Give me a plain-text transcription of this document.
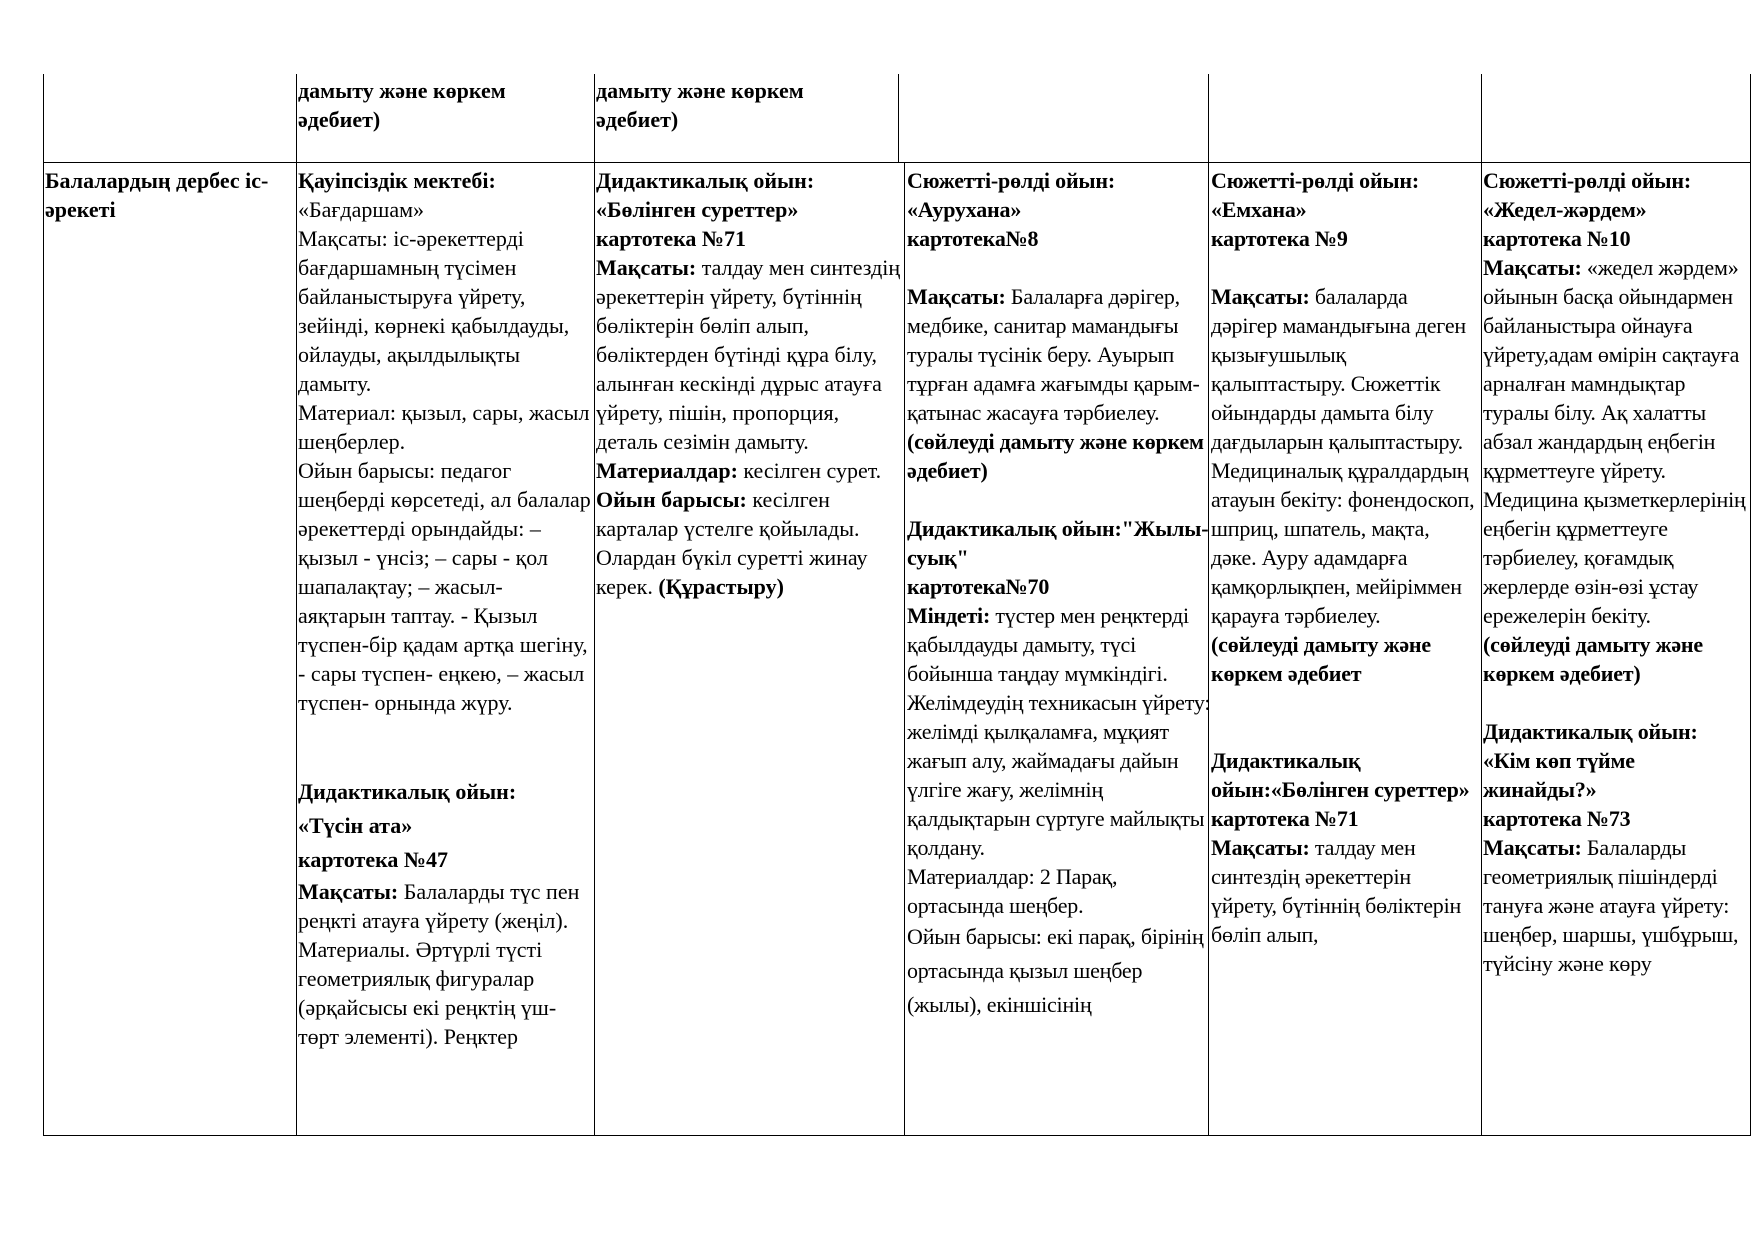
дамыту және көркем әдебиет)

дамыту және көркем әдебиет)

Балалардың дербес іс-әрекеті

Қауіпсіздік мектебі:

«Бағдаршам»

Мақсаты: іс-әрекеттерді бағдаршамның түсімен байланыстыруға үйрету, зейінді, көрнекі қабылдауды, ойлауды, ақылдылықты дамыту.

Материал: қызыл, сары, жасыл шеңберлер.

Ойын барысы: педагог шеңберді көрсетеді, ал балалар әрекеттерді орындайды: – қызыл - үнсіз; – сары - қол шапалақтау; – жасыл- аяқтарын таптау. - Қызыл түспен-бір қадам артқа шегіну, - сары түспен- еңкею, – жасыл түспен- орнында жүру.

Дидактикалық ойын:

«Түсін ата»

картотека №47

Мақсаты: Балаларды түс пен реңкті атауға үйрету (жеңіл).

Материалы. Әртүрлі түсті геометриялық фигуралар (әрқайсысы екі реңктің үш-төрт элементі). Реңктер

Дидактикалық ойын:

«Бөлінген суреттер»

картотека №71

Мақсаты: талдау мен синтездің әрекеттерін үйрету, бүтіннің бөліктерін бөліп алып, бөліктерден бүтінді құра білу, алынған кескінді дұрыс атауға үйрету, пішін, пропорция, деталь сезімін дамыту.

Материалдар: кесілген сурет.

Ойын барысы: кесілген карталар үстелге қойылады. Олардан бүкіл суретті жинау керек. (Құрастыру)

Сюжетті-рөлді ойын:

«Аурухана»

картотека№8

Мақсаты: Балаларға дәрігер, медбике, санитар мамандығы туралы түсінік беру. Ауырып тұрған адамға жағымды қарым-қатынас жасауға тәрбиелеу.

(сөйлеуді дамыту және көркем әдебиет)

Дидактикалық ойын:"Жылы-суық"

картотека№70

Міндеті: түстер мен реңктерді қабылдауды дамыту, түсі бойынша таңдау мүмкіндігі. Желімдеудің техникасын үйрету: желімді қылқаламға, мұқият жағып алу, жаймадағы дайын үлгіге жағу, желімнің қалдықтарын сүртуге майлықты қолдану.

Материалдар: 2 Парақ, ортасында шеңбер.

Ойын барысы: екі парақ, бірінің ортасында қызыл шеңбер (жылы), екіншісінің

Сюжетті-рөлді ойын:

«Емхана»

картотека №9

Мақсаты: балаларда дәрігер мамандығына деген қызығушылық қалыптастыру. Сюжеттік ойындарды дамыта білу дағдыларын қалыптастыру. Медициналық құралдардың атауын бекіту: фонендоскоп, шприц, шпатель, мақта, дәке. Ауру адамдарға қамқорлықпен, мейіріммен қарауға тәрбиелеу.

(сөйлеуді дамыту және көркем әдебиет

Дидактикалық ойын:«Бөлінген суреттер»

картотека №71

Мақсаты: талдау мен синтездің әрекеттерін үйрету, бүтіннің бөліктерін бөліп алып,

Сюжетті-рөлді ойын:

«Жедел-жәрдем»

картотека №10

Мақсаты: «жедел жәрдем» ойынын басқа ойындармен байланыстыра ойнауға үйрету,адам өмірін сақтауға арналған мамндықтар туралы білу. Ақ халатты абзал жандардың еңбегін құрметтеуге үйрету. Медицина қызметкерлерінің еңбегін құрметтеуге тәрбиелеу, қоғамдық жерлерде өзін-өзі ұстау ережелерін бекіту.

(сөйлеуді дамыту және көркем әдебиет)

Дидактикалық ойын:

«Кім көп түйме жинайды?»

картотека №73

Мақсаты: Балаларды геометриялық пішіндерді тануға және атауға үйрету: шеңбер, шаршы, үшбұрыш, түйсіну және көру
